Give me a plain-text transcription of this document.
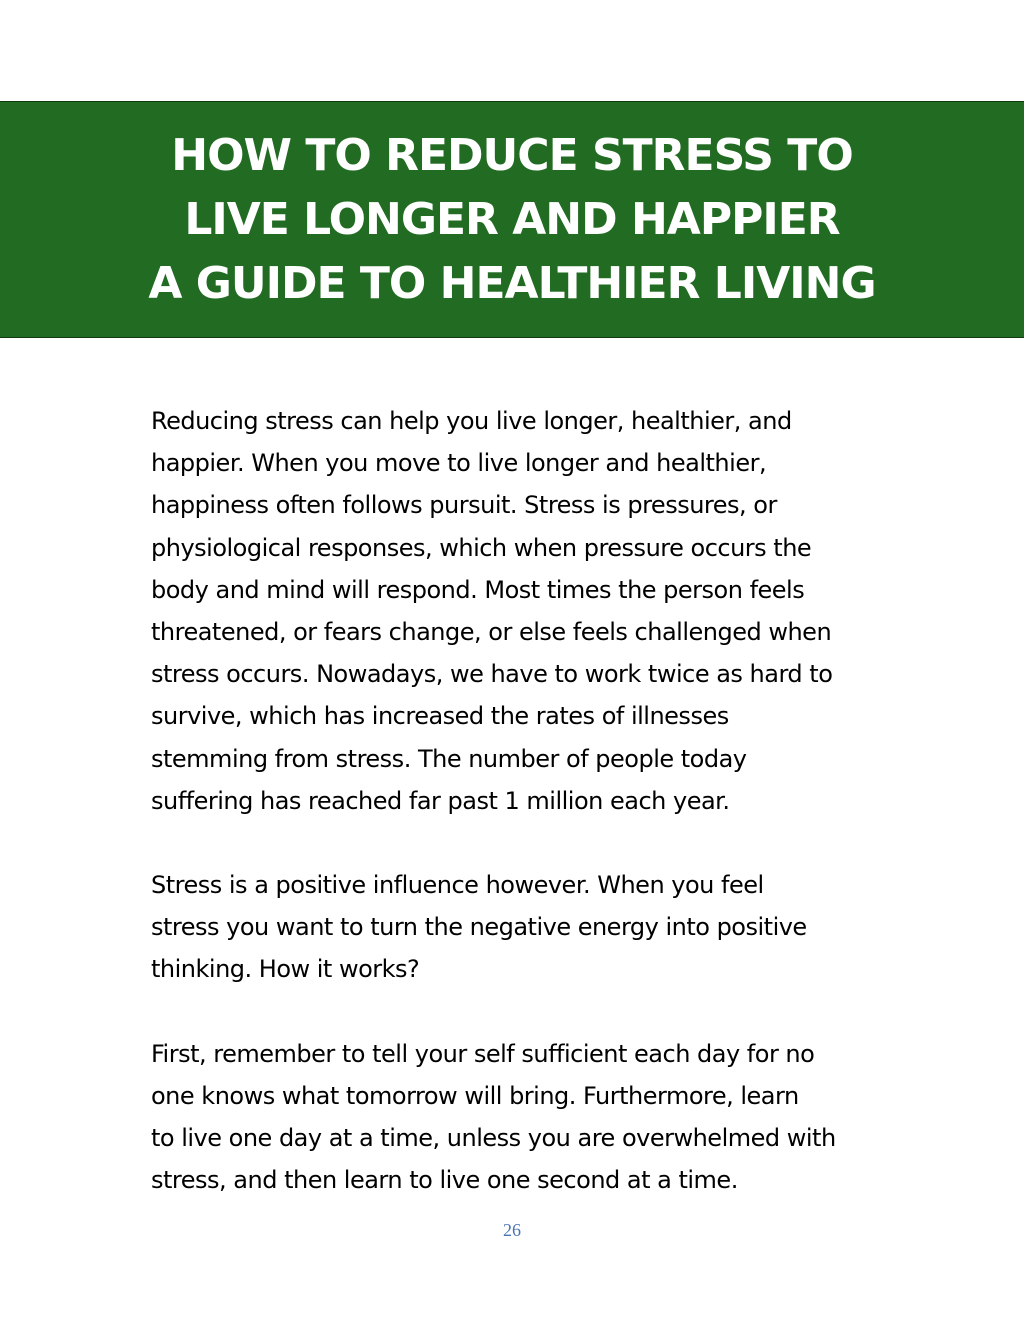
HOW TO REDUCE STRESS TO
LIVE LONGER AND HAPPIER
A GUIDE TO HEALTHIER LIVING

Reducing stress can help you live longer, healthier, and
happier. When you move to live longer and healthier,
happiness often follows pursuit. Stress is pressures, or
physiological responses, which when pressure occurs the
body and mind will respond. Most times the person feels
threatened, or fears change, or else feels challenged when
stress occurs. Nowadays, we have to work twice as hard to
survive, which has increased the rates of illnesses
stemming from stress. The number of people today
suffering has reached far past 1 million each year.

Stress is a positive influence however. When you feel
stress you want to turn the negative energy into positive
thinking. How it works?

First, remember to tell your self sufficient each day for no
one knows what tomorrow will bring. Furthermore, learn
to live one day at a time, unless you are overwhelmed with
stress, and then learn to live one second at a time.

26
